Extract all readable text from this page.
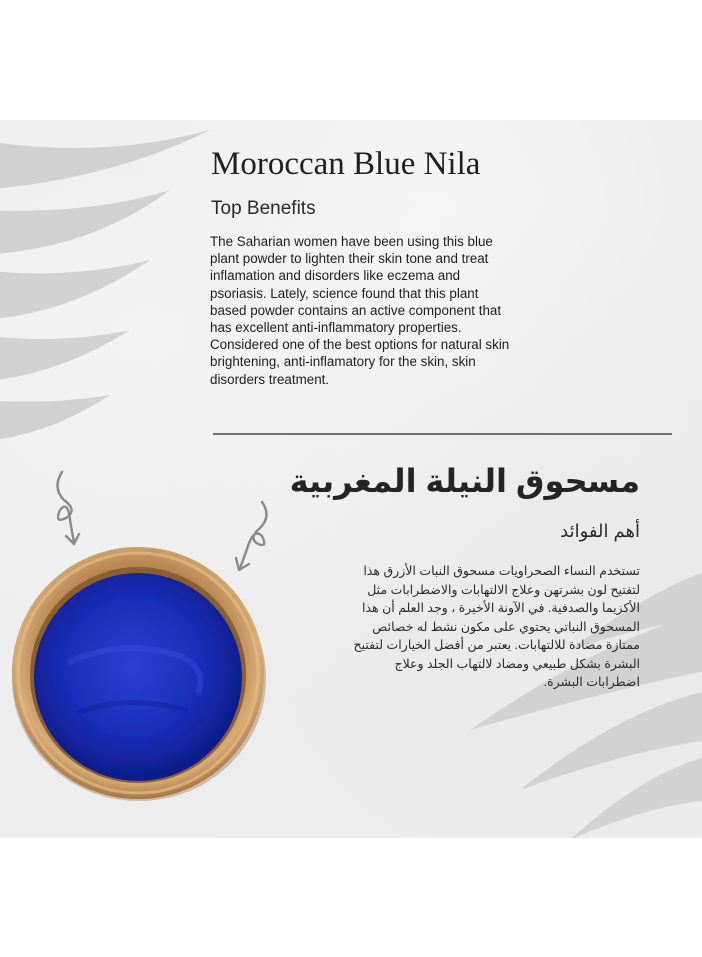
Moroccan Blue Nila
Top Benefits
The Saharian women have been using this blue plant powder to lighten their skin tone and treat inflamation and disorders like eczema and psoriasis. Lately, science found that this plant based powder contains an active component that has excellent anti-inflammatory properties. Considered one of the best options for natural skin brightening, anti-inflamatory for the skin, skin disorders treatment.
مسحوق النيلة المغربية
أهم الفوائد
تستخدم النساء الصحراويات مسحوق النبات الأزرق هذا لتفتيح لون بشرتهن وعلاج الالتهابات والاضطرابات مثل الأكزيما والصدفية. في الآونة الأخيرة ، وجد العلم أن هذا المسحوق النباتي يحتوي على مكون نشط له خصائص ممتازة مضادة للالتهابات. يعتبر من أفضل الخيارات لتفتيح البشرة بشكل طبيعي ومضاد لالتهاب الجلد وعلاج اضطرابات البشرة.
